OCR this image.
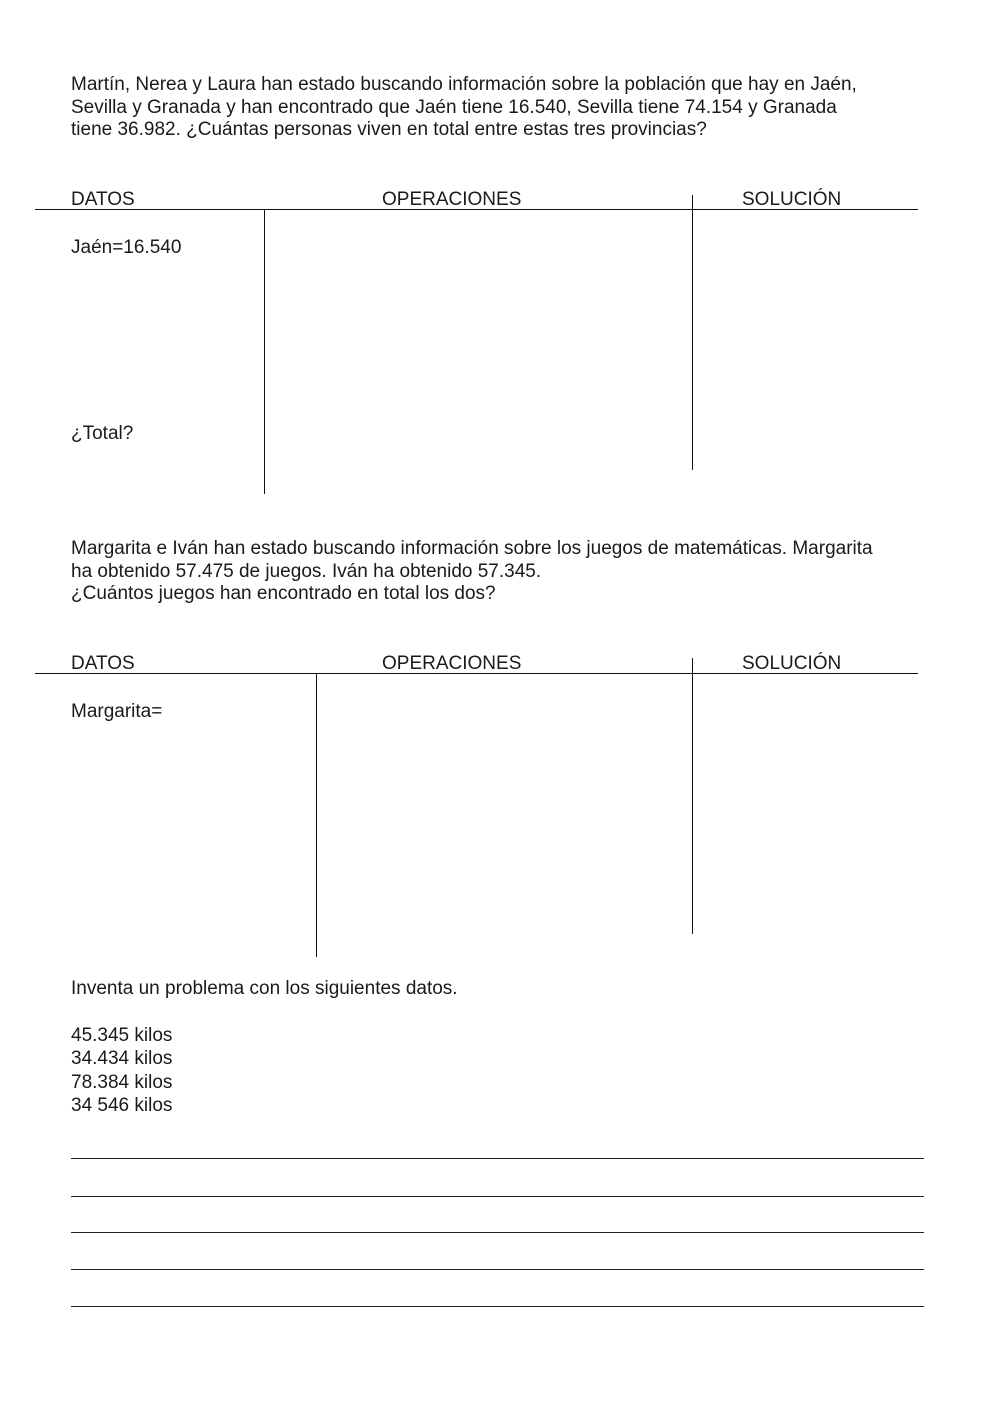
Martín, Nerea y Laura han estado buscando información sobre la población que hay en Jaén,
Sevilla y Granada y han encontrado que Jaén tiene 16.540, Sevilla tiene 74.154 y Granada
tiene 36.982. ¿Cuántas personas viven en total entre estas tres provincias?
DATOS	OPERACIONES	SOLUCIÓN
Jaén=16.540
¿Total?
Margarita e Iván han estado buscando información sobre los juegos de matemáticas. Margarita
ha obtenido 57.475 de juegos. Iván ha obtenido 57.345.
¿Cuántos juegos han encontrado en total los dos?
DATOS	OPERACIONES	SOLUCIÓN
Margarita=
Inventa un problema con los siguientes datos.
45.345 kilos
34.434 kilos
78.384 kilos
34 546 kilos
